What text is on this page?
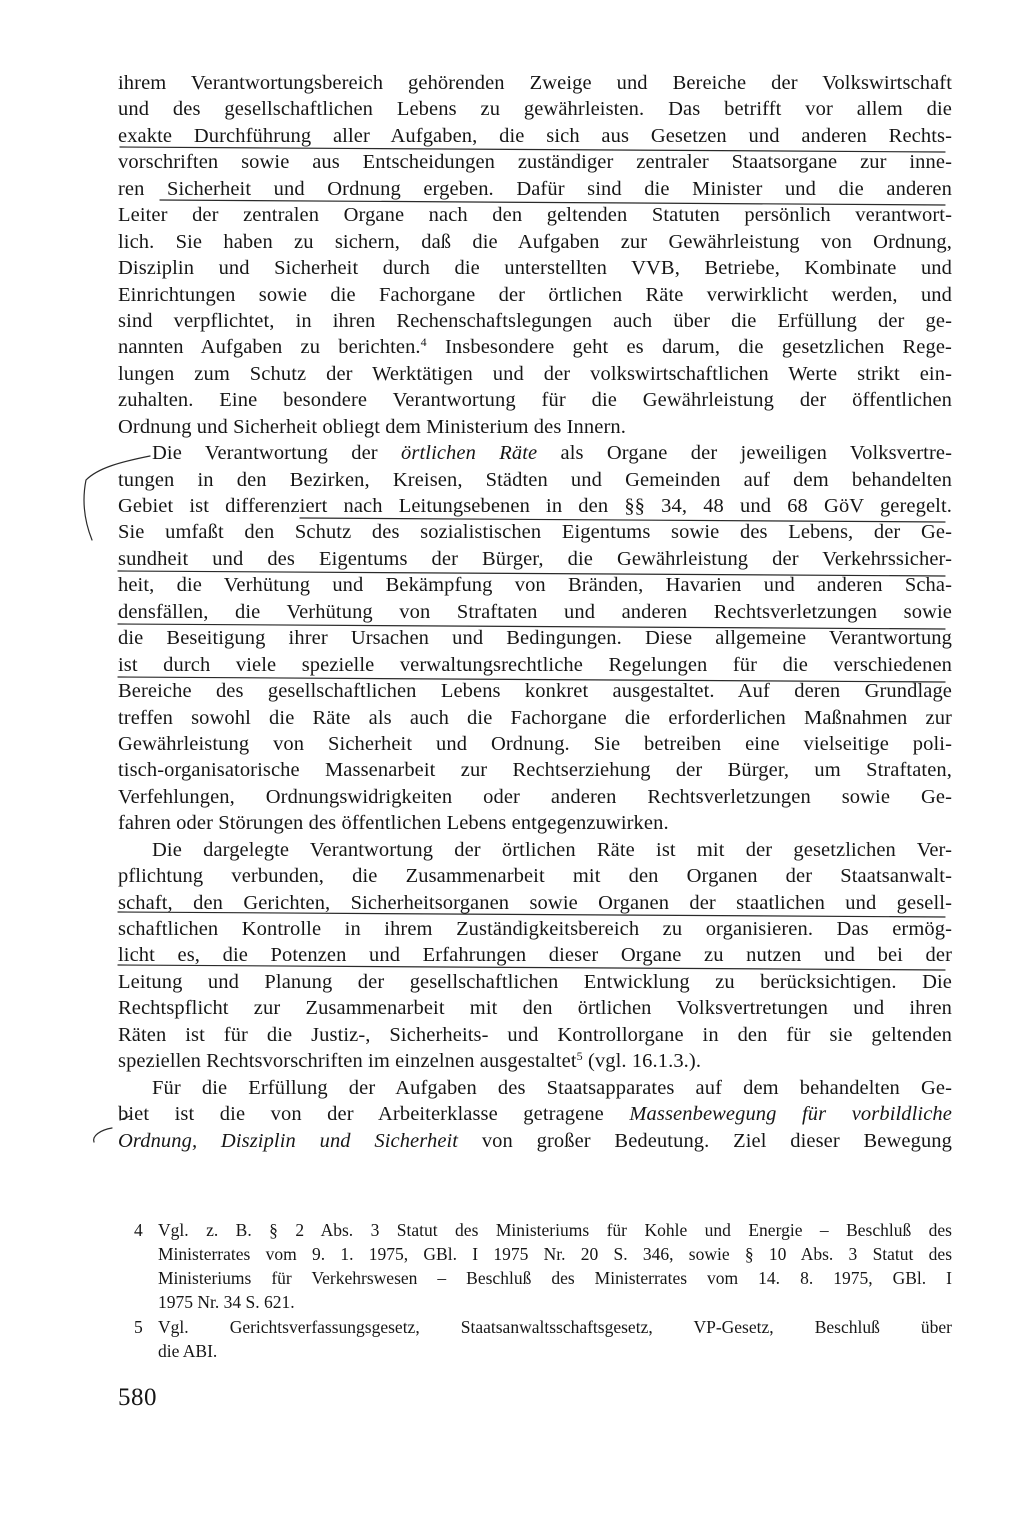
ihrem Verantwortungsbereich gehörenden Zweige und Bereiche der Volkswirtschaft
und des gesellschaftlichen Lebens zu gewährleisten. Das betrifft vor allem die
exakte Durchführung aller Aufgaben, die sich aus Gesetzen und anderen Rechts-
vorschriften sowie aus Entscheidungen zuständiger zentraler Staatsorgane zur inne-
ren Sicherheit und Ordnung ergeben. Dafür sind die Minister und die anderen
Leiter der zentralen Organe nach den geltenden Statuten persönlich verantwort-
lich. Sie haben zu sichern, daß die Aufgaben zur Gewährleistung von Ordnung,
Disziplin und Sicherheit durch die unterstellten VVB, Betriebe, Kombinate und
Einrichtungen sowie die Fachorgane der örtlichen Räte verwirklicht werden, und
sind verpflichtet, in ihren Rechenschaftslegungen auch über die Erfüllung der ge-
nannten Aufgaben zu berichten.$^4$ Insbesondere geht es darum, die gesetzlichen Rege-
lungen zum Schutz der Werktätigen und der volkswirtschaftlichen Werte strikt ein-
zuhalten. Eine besondere Verantwortung für die Gewährleistung der öffentlichen
Ordnung und Sicherheit obliegt dem Ministerium des Innern.
Die Verantwortung der örtlichen Räte als Organe der jeweiligen Volksvertre-
tungen in den Bezirken, Kreisen, Städten und Gemeinden auf dem behandelten
Gebiet ist differenziert nach Leitungsebenen in den §§ 34, 48 und 68 GöV geregelt.
Sie umfaßt den Schutz des sozialistischen Eigentums sowie des Lebens, der Ge-
sundheit und des Eigentums der Bürger, die Gewährleistung der Verkehrssicher-
heit, die Verhütung und Bekämpfung von Bränden, Havarien und anderen Scha-
densfällen, die Verhütung von Straftaten und anderen Rechtsverletzungen sowie
die Beseitigung ihrer Ursachen und Bedingungen. Diese allgemeine Verantwortung
ist durch viele spezielle verwaltungsrechtliche Regelungen für die verschiedenen
Bereiche des gesellschaftlichen Lebens konkret ausgestaltet. Auf deren Grundlage
treffen sowohl die Räte als auch die Fachorgane die erforderlichen Maßnahmen zur
Gewährleistung von Sicherheit und Ordnung. Sie betreiben eine vielseitige poli-
tisch-organisatorische Massenarbeit zur Rechtserziehung der Bürger, um Straftaten,
Verfehlungen, Ordnungswidrigkeiten oder anderen Rechtsverletzungen sowie Ge-
fahren oder Störungen des öffentlichen Lebens entgegenzuwirken.
Die dargelegte Verantwortung der örtlichen Räte ist mit der gesetzlichen Ver-
pflichtung verbunden, die Zusammenarbeit mit den Organen der Staatsanwalt-
schaft, den Gerichten, Sicherheitsorganen sowie Organen der staatlichen und gesell-
schaftlichen Kontrolle in ihrem Zuständigkeitsbereich zu organisieren. Das ermög-
licht es, die Potenzen und Erfahrungen dieser Organe zu nutzen und bei der
Leitung und Planung der gesellschaftlichen Entwicklung zu berücksichtigen. Die
Rechtspflicht zur Zusammenarbeit mit den örtlichen Volksvertretungen und ihren
Räten ist für die Justiz-, Sicherheits- und Kontrollorgane in den für sie geltenden
speziellen Rechtsvorschriften im einzelnen ausgestaltet$^5$ (vgl. 16.1.3.).
Für die Erfüllung der Aufgaben des Staatsapparates auf dem behandelten Ge-
biet ist die von der Arbeiterklasse getragene Massenbewegung für vorbildliche
Ordnung, Disziplin und Sicherheit von großer Bedeutung. Ziel dieser Bewegung
4 Vgl. z. B. § 2 Abs. 3 Statut des Ministeriums für Kohle und Energie – Beschluß des
Ministerrates vom 9. 1. 1975, GBl. I 1975 Nr. 20 S. 346, sowie § 10 Abs. 3 Statut des
Ministeriums für Verkehrswesen – Beschluß des Ministerrates vom 14. 8. 1975, GBl. I
1975 Nr. 34 S. 621.
5 Vgl. Gerichtsverfassungsgesetz, Staatsanwaltsschaftsgesetz, VP-Gesetz, Beschluß über
die ABI.
580
